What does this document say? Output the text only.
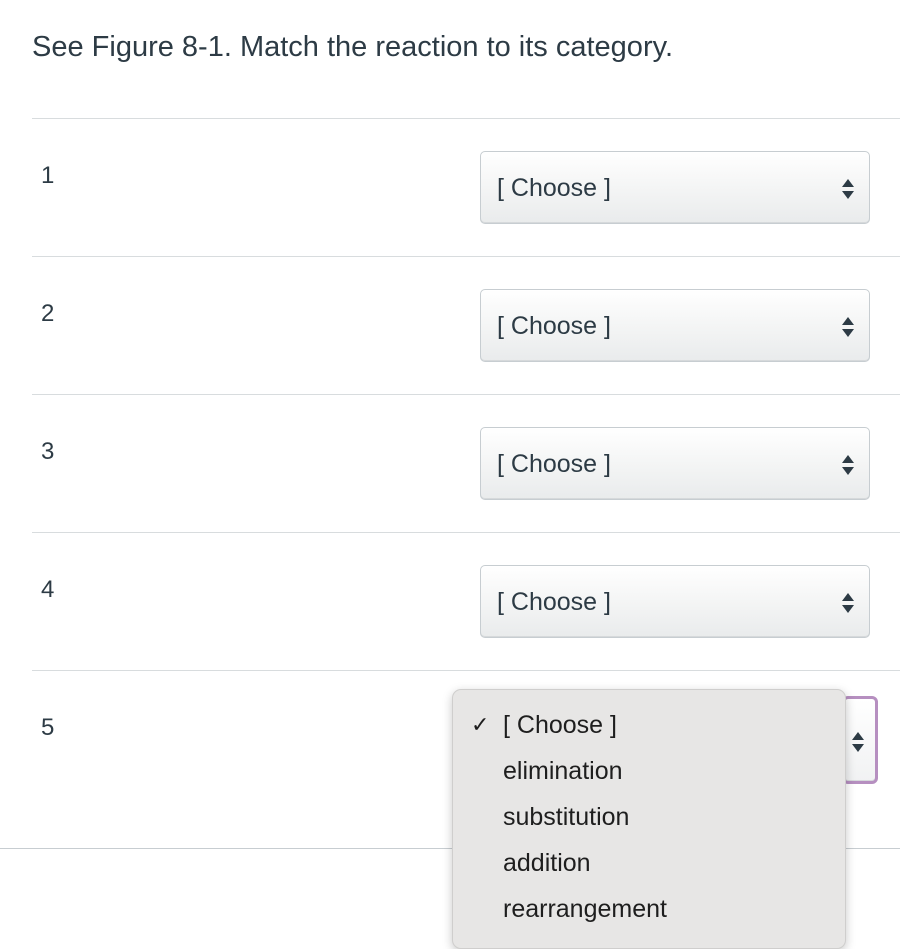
See Figure 8-1. Match the reaction to its category.
1	[ Choose ]
2	[ Choose ]
3	[ Choose ]
4	[ Choose ]
5	✓ [ Choose ]
elimination
substitution
addition
rearrangement
